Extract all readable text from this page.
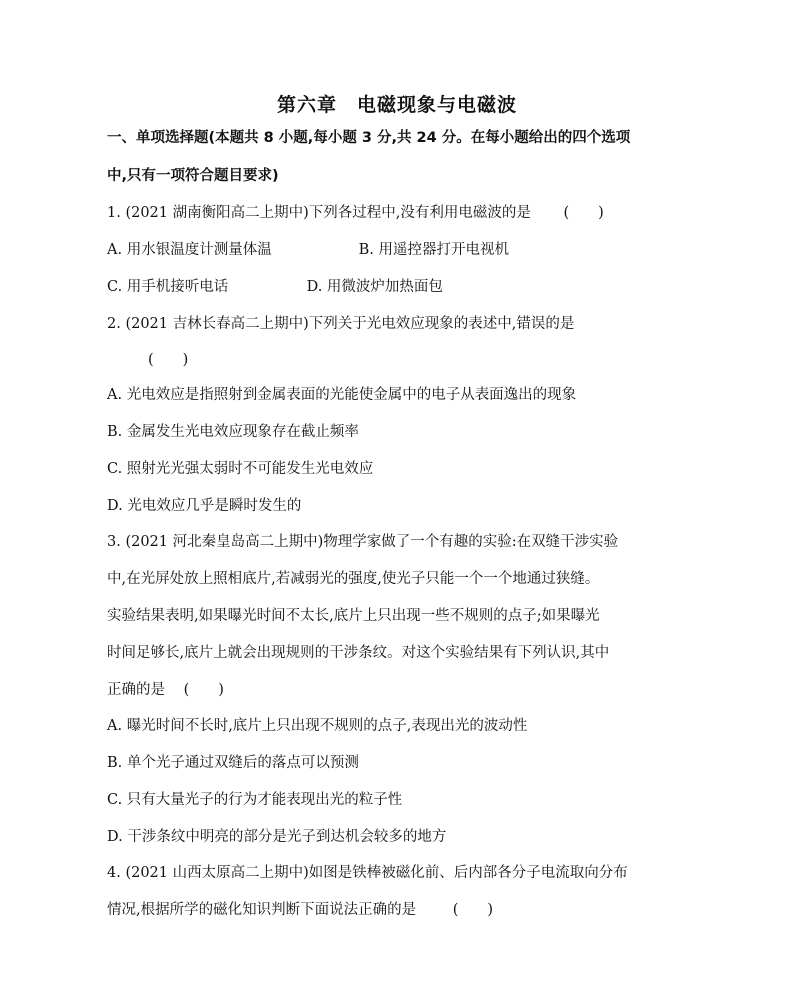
第六章　电磁现象与电磁波
一、单项选择题(本题共 8 小题,每小题 3 分,共 24 分。在每小题给出的四个选项
中,只有一项符合题目要求)
1. (2021 湖南衡阳高二上期中)下列各过程中,没有利用电磁波的是 (　　)
A. 用水银温度计测量体温	B. 用遥控器打开电视机
C. 用手机接听电话	D. 用微波炉加热面包
2. (2021 吉林长春高二上期中)下列关于光电效应现象的表述中,错误的是
(　　)
A. 光电效应是指照射到金属表面的光能使金属中的电子从表面逸出的现象
B. 金属发生光电效应现象存在截止频率
C. 照射光光强太弱时不可能发生光电效应
D. 光电效应几乎是瞬时发生的
3. (2021 河北秦皇岛高二上期中)物理学家做了一个有趣的实验:在双缝干涉实验
中,在光屏处放上照相底片,若减弱光的强度,使光子只能一个一个地通过狭缝。
实验结果表明,如果曝光时间不太长,底片上只出现一些不规则的点子;如果曝光
时间足够长,底片上就会出现规则的干涉条纹。对这个实验结果有下列认识,其中
正确的是 (　　)
A. 曝光时间不长时,底片上只出现不规则的点子,表现出光的波动性
B. 单个光子通过双缝后的落点可以预测
C. 只有大量光子的行为才能表现出光的粒子性
D. 干涉条纹中明亮的部分是光子到达机会较多的地方
4. (2021 山西太原高二上期中)如图是铁棒被磁化前、后内部各分子电流取向分布
情况,根据所学的磁化知识判断下面说法正确的是	(　　)
